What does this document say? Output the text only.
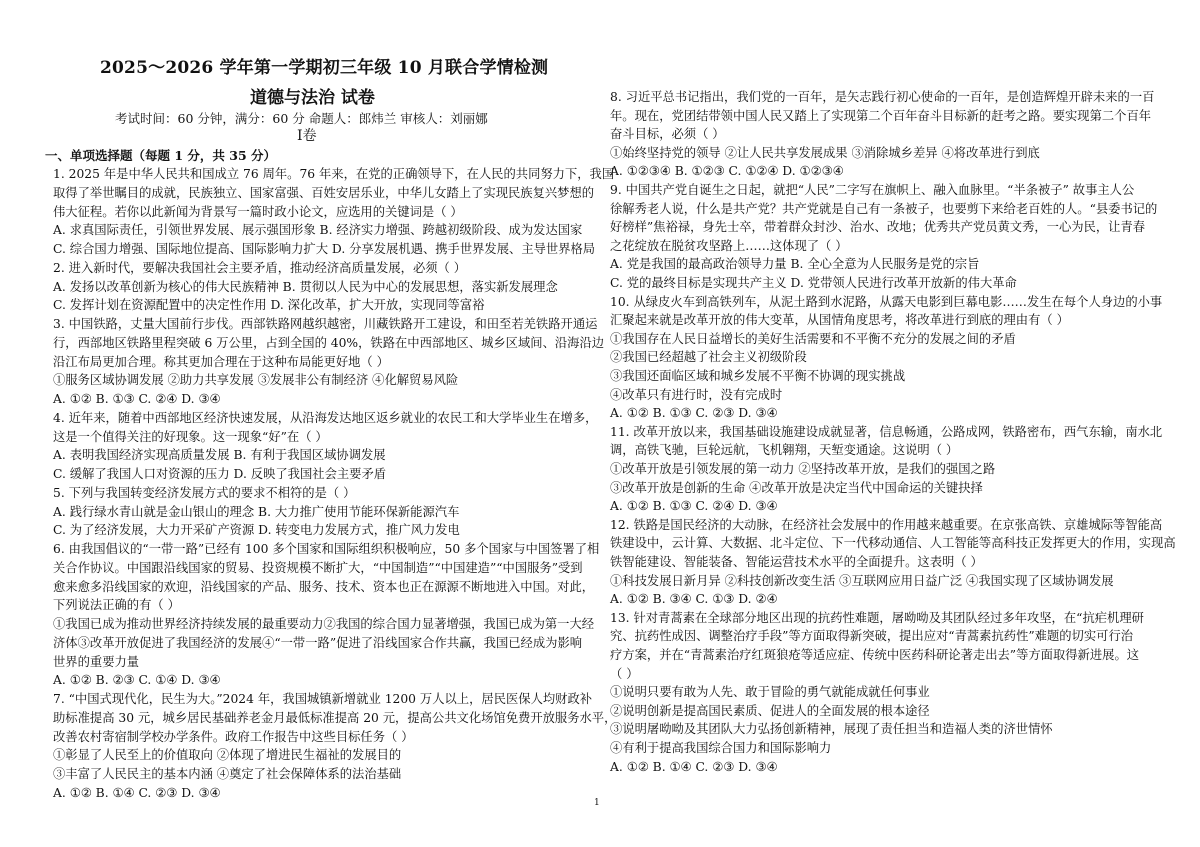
2025～2026 学年第一学期初三年级 10 月联合学情检测
道德与法治 试卷
考试时间：60 分钟，满分：60 分 命题人：郎炜兰 审核人：刘丽娜
Ⅰ卷
一、单项选择题（每题 1 分，共 35 分）
1. 2025 年是中华人民共和国成立 76 周年。76 年来，在党的正确领导下，在人民的共同努力下，我国
取得了举世瞩目的成就，民族独立、国家富强、百姓安居乐业，中华儿女踏上了实现民族复兴梦想的
伟大征程。若你以此新闻为背景写一篇时政小论文，应选用的关键词是（ ）
A. 求真国际责任，引领世界发展、展示强国形象 B. 经济实力增强、跨越初级阶段、成为发达国家
C. 综合国力增强、国际地位提高、国际影响力扩大 D. 分享发展机遇、携手世界发展、主导世界格局
2. 进入新时代，要解决我国社会主要矛盾，推动经济高质量发展，必须（ ）
A. 发扬以改革创新为核心的伟大民族精神 B. 贯彻以人民为中心的发展思想，落实新发展理念
C. 发挥计划在资源配置中的决定性作用 D. 深化改革，扩大开放，实现同等富裕
3. 中国铁路，丈量大国前行步伐。西部铁路网越织越密，川藏铁路开工建设，和田至若羌铁路开通运
行，西部地区铁路里程突破 6 万公里，占到全国的 40%，铁路在中西部地区、城乡区域间、沿海沿边
沿江布局更加合理。称其更加合理在于这种布局能更好地（ ）
①服务区域协调发展 ②助力共享发展 ③发展非公有制经济 ④化解贸易风险
A. ①② B. ①③ C. ②④ D. ③④
4. 近年来，随着中西部地区经济快速发展，从沿海发达地区返乡就业的农民工和大学毕业生在增多，
这是一个值得关注的好现象。这一现象“好”在（ ）
A. 表明我国经济实现高质量发展 B. 有利于我国区域协调发展
C. 缓解了我国人口对资源的压力 D. 反映了我国社会主要矛盾
5. 下列与我国转变经济发展方式的要求不相符的是（ ）
A. 践行绿水青山就是金山银山的理念 B. 大力推广使用节能环保新能源汽车
C. 为了经济发展，大力开采矿产资源 D. 转变电力发展方式，推广风力发电
6. 由我国倡议的“一带一路”已经有 100 多个国家和国际组织积极响应，50 多个国家与中国签署了相
关合作协议。中国跟沿线国家的贸易、投资规模不断扩大，“中国制造”“中国建造”“中国服务”受到
愈来愈多沿线国家的欢迎，沿线国家的产品、服务、技术、资本也正在源源不断地进入中国。对此，
下列说法正确的有（ ）
①我国已成为推动世界经济持续发展的最重要动力②我国的综合国力显著增强，我国已成为第一大经
济体③改革开放促进了我国经济的发展④“一带一路”促进了沿线国家合作共赢，我国已经成为影响
世界的重要力量
A. ①② B. ②③ C. ①④ D. ③④
7. “中国式现代化，民生为大。”2024 年，我国城镇新增就业 1200 万人以上，居民医保人均财政补
助标准提高 30 元，城乡居民基础养老金月最低标准提高 20 元，提高公共文化场馆免费开放服务水平，
改善农村寄宿制学校办学条件。政府工作报告中这些目标任务（ ）
①彰显了人民至上的价值取向 ②体现了增进民生福祉的发展目的
③丰富了人民民主的基本内涵 ④奠定了社会保障体系的法治基础
A. ①② B. ①④ C. ②③ D. ③④
8. 习近平总书记指出，我们党的一百年，是矢志践行初心使命的一百年，是创造辉煌开辟未来的一百
年。现在，党团结带领中国人民又踏上了实现第二个百年奋斗目标新的赶考之路。要实现第二个百年
奋斗目标，必须（ ）
①始终坚持党的领导 ②让人民共享发展成果 ③消除城乡差异 ④将改革进行到底
A. ①②③④ B. ①②③ C. ①②④ D. ①②③④
9. 中国共产党自诞生之日起，就把“人民”二字写在旗帜上、融入血脉里。“半条被子” 故事主人公
徐解秀老人说，什么是共产党？共产党就是自己有一条被子，也要剪下来给老百姓的人。“县委书记的
好榜样”焦裕禄，身先士卒，带着群众封沙、治水、改地；优秀共产党员黄文秀，一心为民，让青春
之花绽放在脱贫攻坚路上……这体现了（ ）
A. 党是我国的最高政治领导力量 B. 全心全意为人民服务是党的宗旨
C. 党的最终目标是实现共产主义 D. 党带领人民进行改革开放新的伟大革命
10. 从绿皮火车到高铁列车，从泥土路到水泥路，从露天电影到巨幕电影……发生在每个人身边的小事
汇聚起来就是改革开放的伟大变革，从国情角度思考，将改革进行到底的理由有（ ）
①我国存在人民日益增长的美好生活需要和不平衡不充分的发展之间的矛盾
②我国已经超越了社会主义初级阶段
③我国还面临区域和城乡发展不平衡不协调的现实挑战
④改革只有进行时，没有完成时
A. ①② B. ①③ C. ②③ D. ③④
11. 改革开放以来，我国基础设施建设成就显著，信息畅通，公路成网，铁路密布，西气东输，南水北
调，高铁飞驰，巨轮远航，飞机翱翔，天堑变通途。这说明（ ）
①改革开放是引领发展的第一动力 ②坚持改革开放，是我们的强国之路
③改革开放是创新的生命 ④改革开放是决定当代中国命运的关键抉择
A. ①② B. ①③ C. ②④ D. ③④
12. 铁路是国民经济的大动脉，在经济社会发展中的作用越来越重要。在京张高铁、京雄城际等智能高
铁建设中，云计算、大数据、北斗定位、下一代移动通信、人工智能等高科技正发挥更大的作用，实现高
铁智能建设、智能装备、智能运营技术水平的全面提升。这表明（ ）
①科技发展日新月异 ②科技创新改变生活 ③互联网应用日益广泛 ④我国实现了区域协调发展
A. ①② B. ③④ C. ①③ D. ②④
13. 针对青蒿素在全球部分地区出现的抗药性难题，屠呦呦及其团队经过多年攻坚，在“抗疟机理研
究、抗药性成因、调整治疗手段”等方面取得新突破，提出应对“青蒿素抗药性”难题的切实可行治
疗方案，并在“青蒿素治疗红斑狼疮等适应症、传统中医药科研论著走出去”等方面取得新进展。这
（ ）
①说明只要有敢为人先、敢于冒险的勇气就能成就任何事业
②说明创新是提高国民素质、促进人的全面发展的根本途径
③说明屠呦呦及其团队大力弘扬创新精神，展现了责任担当和造福人类的济世情怀
④有利于提高我国综合国力和国际影响力
A. ①② B. ①④ C. ②③ D. ③④
1
